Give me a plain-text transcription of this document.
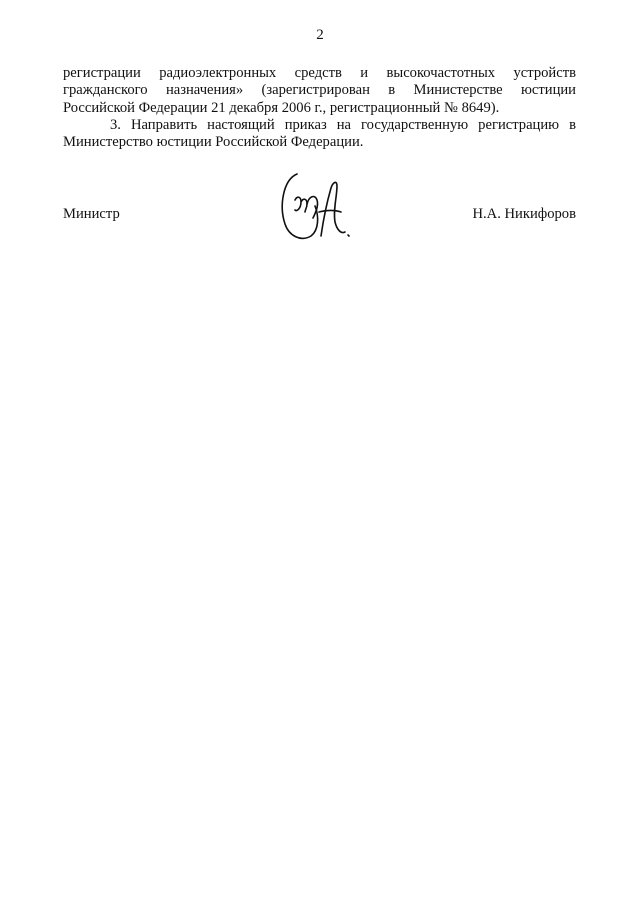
2
регистрации радиоэлектронных средств и высокочастотных устройств
гражданского назначения» (зарегистрирован в Министерстве юстиции
Российской Федерации 21 декабря 2006 г., регистрационный № 8649).
3. Направить настоящий приказ на государственную регистрацию в
Министерство юстиции Российской Федерации.
Министр	Н.А. Никифоров
